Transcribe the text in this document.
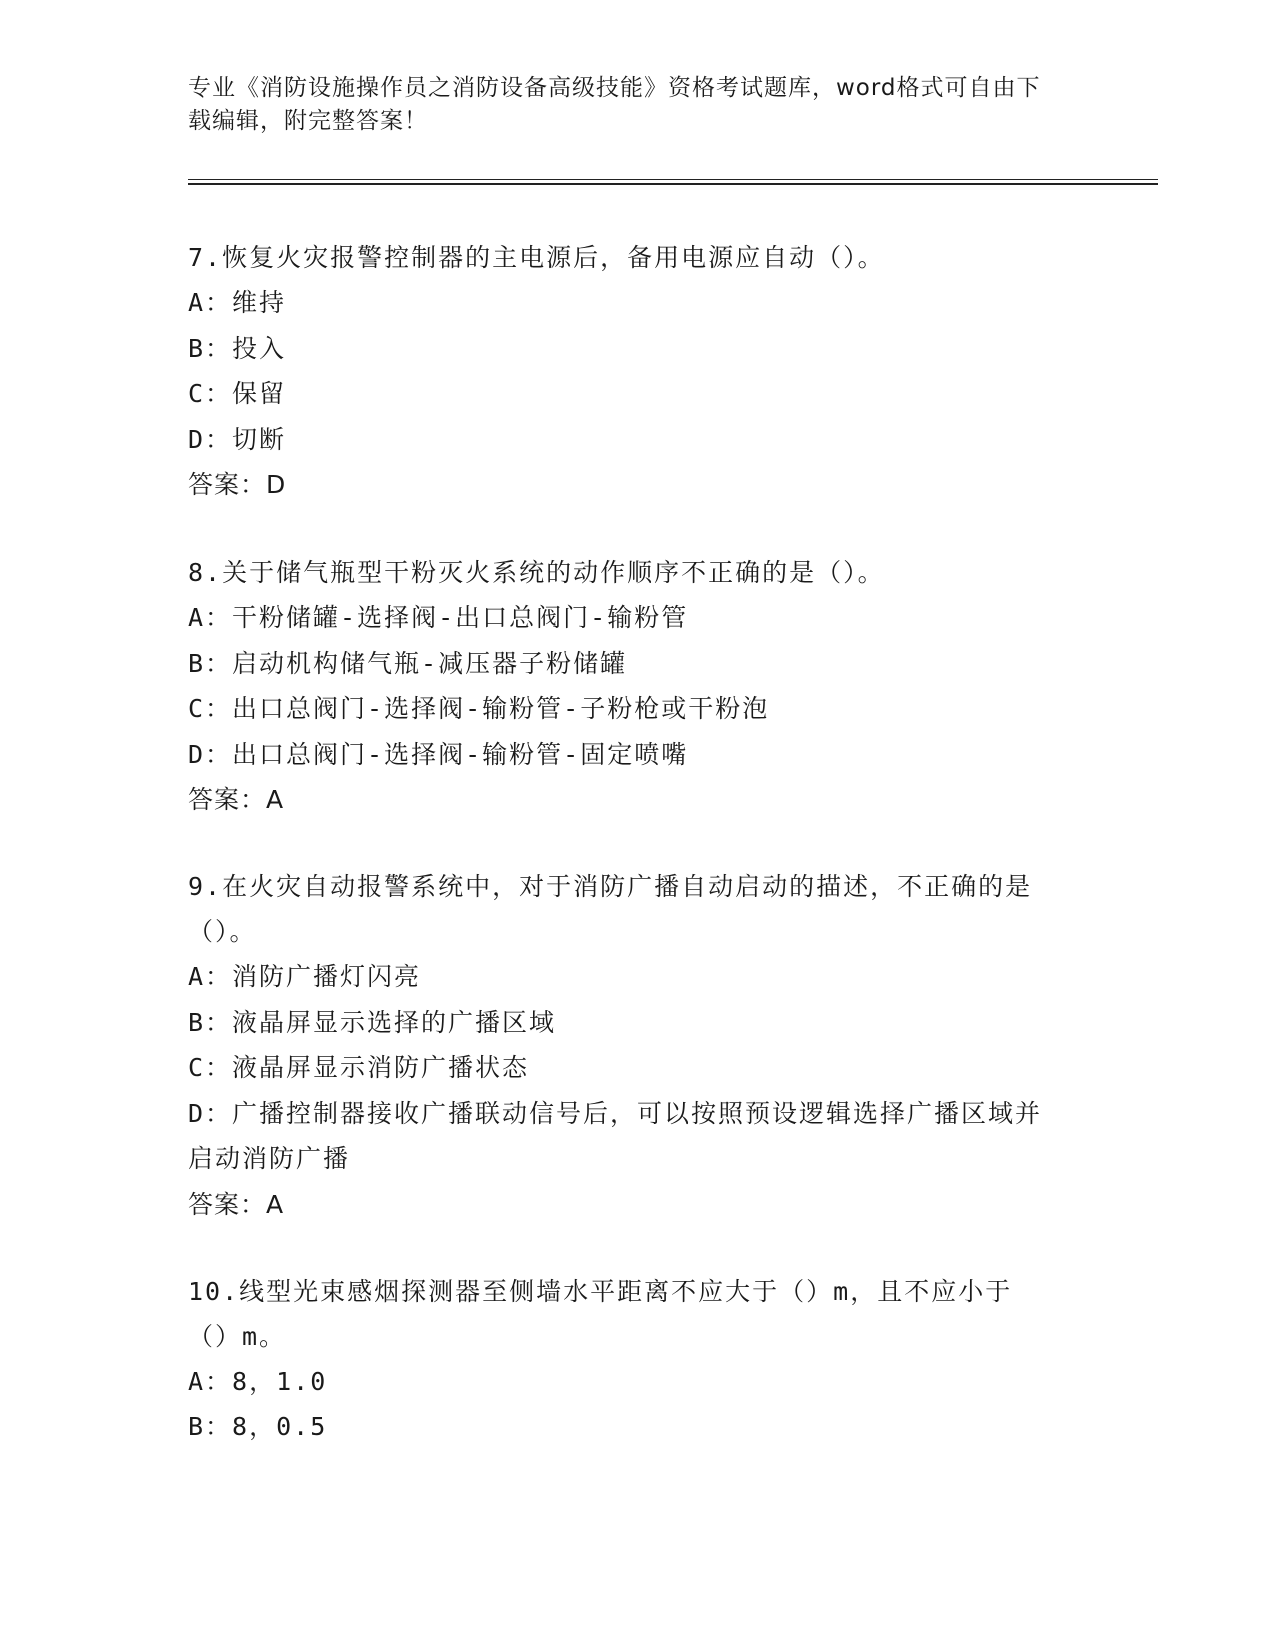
专业《消防设施操作员之消防设备高级技能》资格考试题库，word格式可自由下
载编辑，附完整答案！

7.恢复火灾报警控制器的主电源后，备用电源应自动（）。

A：维持

B：投入

C：保留

D：切断

答案：D

8.关于储气瓶型干粉灭火系统的动作顺序不正确的是（）。

A：干粉储罐-选择阀-出口总阀门-输粉管

B：启动机构储气瓶-减压器子粉储罐

C：出口总阀门-选择阀-输粉管-子粉枪或干粉泡

D：出口总阀门-选择阀-输粉管-固定喷嘴

答案：A

9.在火灾自动报警系统中，对于消防广播自动启动的描述，不正确的是（）。

A：消防广播灯闪亮

B：液晶屏显示选择的广播区域

C：液晶屏显示消防广播状态

D：广播控制器接收广播联动信号后，可以按照预设逻辑选择广播区域并启动消防广播

答案：A

10.线型光束感烟探测器至侧墙水平距离不应大于（）m，且不应小于（）m。

A：8，1.0

B：8，0.5
